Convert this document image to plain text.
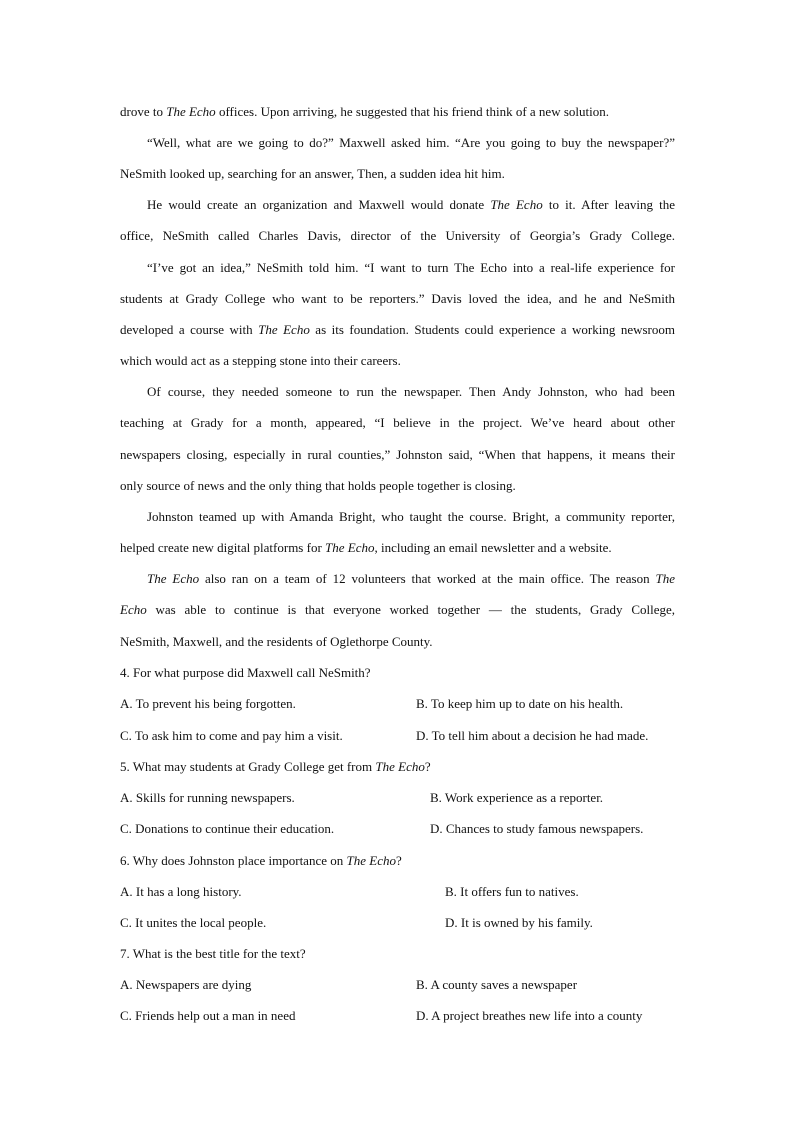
drove to The Echo offices. Upon arriving, he suggested that his friend think of a new solution.
“Well, what are we going to do?” Maxwell asked him. “Are you going to buy the newspaper?”
NeSmith looked up, searching for an answer, Then, a sudden idea hit him.
He would create an organization and Maxwell would donate The Echo to it. After leaving the
office, NeSmith called Charles Davis, director of the University of Georgia’s Grady College.
“I’ve got an idea,” NeSmith told him. “I want to turn The Echo into a real-life experience for
students at Grady College who want to be reporters.” Davis loved the idea, and he and NeSmith
developed a course with The Echo as its foundation. Students could experience a working newsroom
which would act as a stepping stone into their careers.
Of course, they needed someone to run the newspaper. Then Andy Johnston, who had been
teaching at Grady for a month, appeared, “I believe in the project. We’ve heard about other
newspapers closing, especially in rural counties,” Johnston said, “When that happens, it means their
only source of news and the only thing that holds people together is closing.
Johnston teamed up with Amanda Bright, who taught the course. Bright, a community reporter,
helped create new digital platforms for The Echo, including an email newsletter and a website.
The Echo also ran on a team of 12 volunteers that worked at the main office. The reason The
Echo was able to continue is that everyone worked together — the students, Grady College,
NeSmith, Maxwell, and the residents of Oglethorpe County.
4. For what purpose did Maxwell call NeSmith?
A. To prevent his being forgotten.	B. To keep him up to date on his health.
C. To ask him to come and pay him a visit.	D. To tell him about a decision he had made.
5. What may students at Grady College get from The Echo?
A. Skills for running newspapers.	B. Work experience as a reporter.
C. Donations to continue their education.	D. Chances to study famous newspapers.
6. Why does Johnston place importance on The Echo?
A. It has a long history.	B. It offers fun to natives.
C. It unites the local people.	D. It is owned by his family.
7. What is the best title for the text?
A. Newspapers are dying	B. A county saves a newspaper
C. Friends help out a man in need	D. A project breathes new life into a county
